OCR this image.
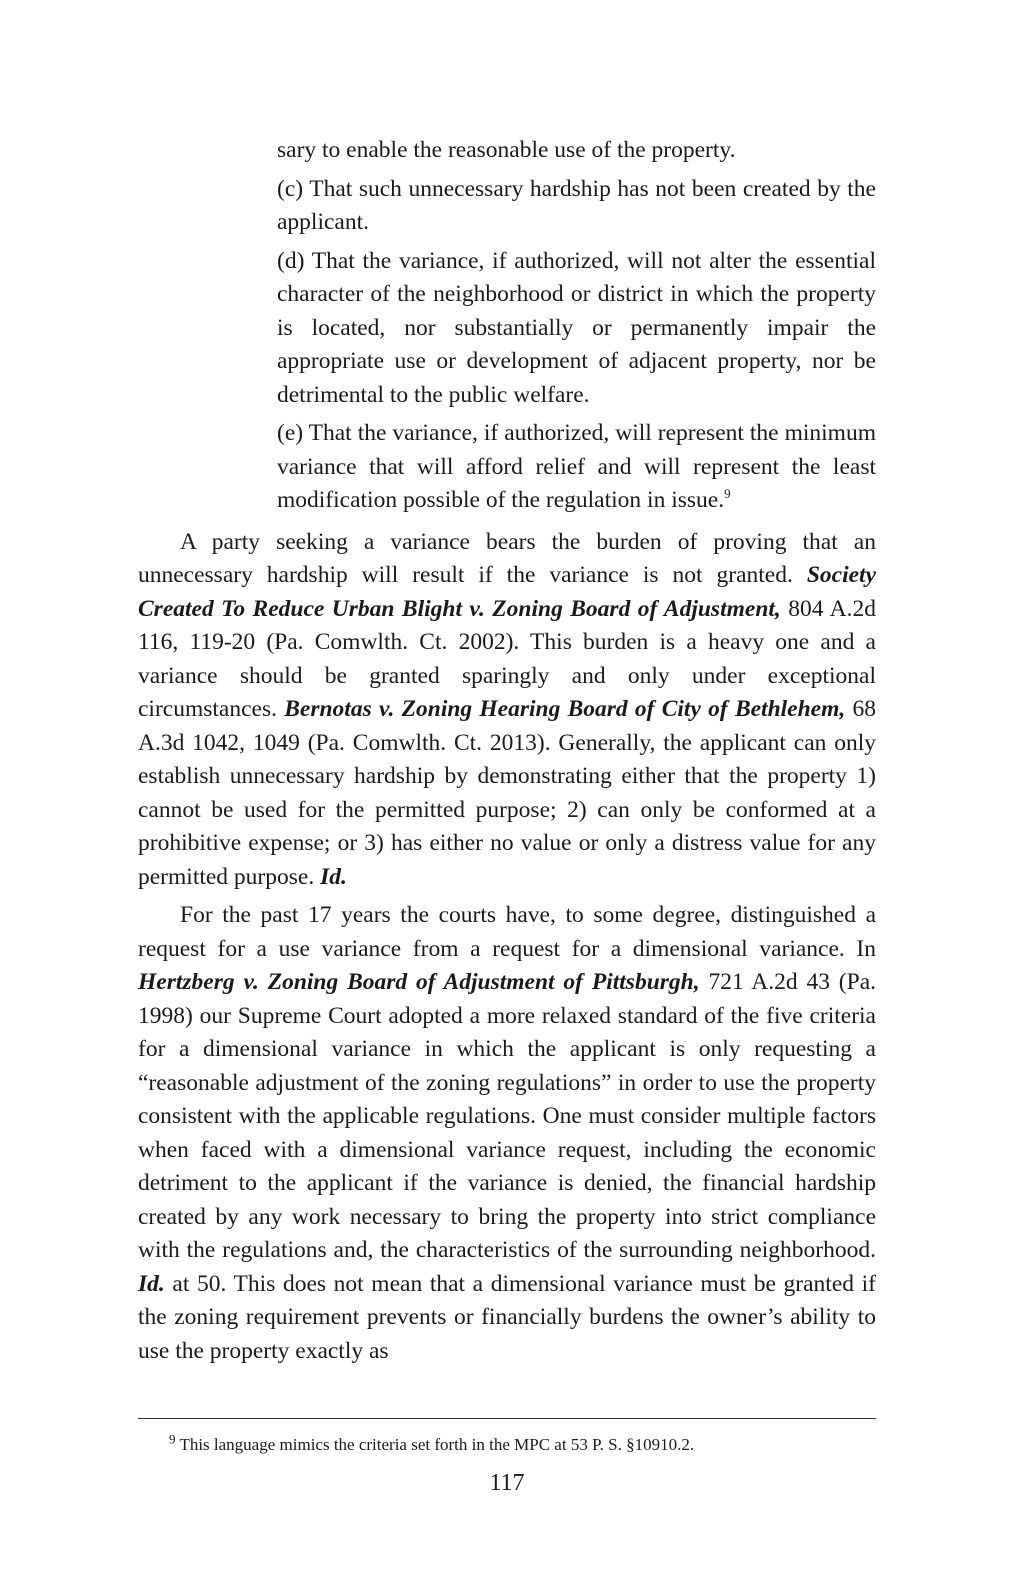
sary to enable the reasonable use of the property.

(c) That such unnecessary hardship has not been created by the applicant.

(d) That the variance, if authorized, will not alter the essential character of the neighborhood or district in which the property is located, nor substantially or permanently impair the appropriate use or development of adjacent property, nor be detrimental to the public welfare.

(e) That the variance, if authorized, will represent the minimum variance that will afford relief and will represent the least modification possible of the regulation in issue.$^9$

A party seeking a variance bears the burden of proving that an unnecessary hardship will result if the variance is not granted. Society Created To Reduce Urban Blight v. Zoning Board of Adjustment, 804 A.2d 116, 119-20 (Pa. Comwlth. Ct. 2002). This burden is a heavy one and a variance should be granted sparingly and only under exceptional circumstances. Bernotas v. Zoning Hearing Board of City of Bethlehem, 68 A.3d 1042, 1049 (Pa. Comwlth. Ct. 2013). Generally, the applicant can only establish unnecessary hardship by demonstrating either that the property 1) cannot be used for the permitted purpose; 2) can only be conformed at a prohibitive expense; or 3) has either no value or only a distress value for any permitted purpose. Id.

For the past 17 years the courts have, to some degree, distinguished a request for a use variance from a request for a dimensional variance. In Hertzberg v. Zoning Board of Adjustment of Pittsburgh, 721 A.2d 43 (Pa. 1998) our Supreme Court adopted a more relaxed standard of the five criteria for a dimensional variance in which the applicant is only requesting a “reasonable adjustment of the zoning regulations” in order to use the property consistent with the applicable regulations. One must consider multiple factors when faced with a dimensional variance request, including the economic detriment to the applicant if the variance is denied, the financial hardship created by any work necessary to bring the property into strict compliance with the regulations and, the characteristics of the surrounding neighborhood. Id. at 50. This does not mean that a dimensional variance must be granted if the zoning requirement prevents or financially burdens the owner’s ability to use the property exactly as

$^9$ This language mimics the criteria set forth in the MPC at 53 P. S. §10910.2.
117
